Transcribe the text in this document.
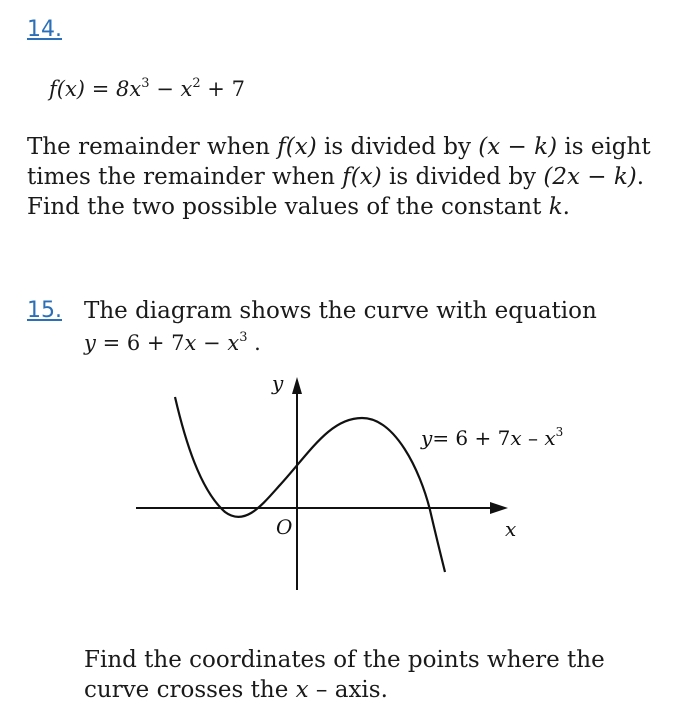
14.
$f(x) = 8x^3 - x^2 + 7$
The remainder when f(x) is divided by (x − k) is eight
times the remainder when f(x) is divided by (2x − k).
Find the two possible values of the constant k.
15. The diagram shows the curve with equation
$y = 6 + 7x - x^3$ .
y
x
O
$y= 6 + 7x - x^3$
Find the coordinates of the points where the
curve crosses the x – axis.
